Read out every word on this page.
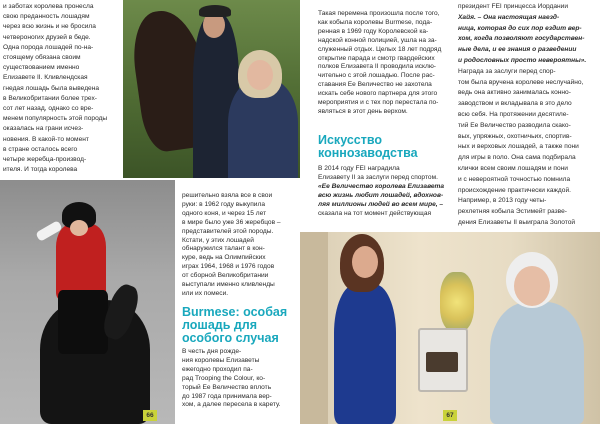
и заботах королева пронесла
свою преданность лошадям
через всю жизнь и не бросила
четвероногих друзей в беде.
Одна порода лошадей по-на-
стоящему обязана своим
существованием именно
Елизавете II. Кливлендская
гнедая лошадь была выведена
в Великобритании более трех-
сот лет назад, однако со вре-
менем популярность этой породы
оказалась на грани исчез-
новения. В какой-то момент
в стране осталось всего
четыре жеребца-производ-
ителя. И тогда королева
решительно взяла все в свои
руки: в 1962 году выкупила
одного коня, и через 15 лет
в мире было уже 36 жеребцов –
представителей этой породы.
Кстати, у этих лошадей
обнаружился талант в кон-
куре, ведь на Олимпийских
играх 1964, 1968 и 1976 годов
от сборной Великобритании
выступали именно кливленды
или их помеси.
Burmese: особая
лошадь для
особого случая
В честь дня рожде-
ния королевы Елизаветы
ежегодно проходил па-
рад Trooping the Colour, ко-
торый Ее Величество вплоть
до 1987 года принимала вер-
хом, а далее пересела в карету.
66
Такая перемена произошла после того,
как кобыла королевы Burmese, пода-
ренная в 1969 году Королевской ка-
надской конной полицией, ушла на за-
служенный отдых. Целых 18 лет подряд
открытие парада и смотр гвардейских
полков Елизавета II проводила исклю-
чительно с этой лошадью. После рас-
ставания Ее Величество не захотела
искать себе нового партнера для этого
мероприятия и с тех пор перестала по-
являться в этот день верхом.
Искусство
коннозаводства
В 2014 году FEI наградила
Елизавету II за заслуги перед спортом.
«Ее Величество королева Елизавета
всю жизнь любит лошадей, вдохнов-
ляя миллионы людей во всем мире, –
сказала на тот момент действующая
президент FEI принцесса Иордании
Хайя. – Она настоящая наезд-
ница, которая до сих пор ездит вер-
хом, когда позволяют государствен-
ные дела, и ее знания о разведении
и родословных просто невероятны».
Награда за заслуги перед спор-
том была вручена королеве неслучайно,
ведь она активно занималась конно-
заводством и вкладывала в это дело
всю себя. На протяжении десятиле-
тий Ее Величество разводила скако-
вых, упряжных, охотничьих, спортив-
ных и верховых лошадей, а также пони
для игры в поло. Она сама подбирала
клички всем своим лошадям и пони
и с невероятной точностью помнила
происхождение практически каждой.
Например, в 2013 году четы-
рехлетняя кобыла Эстимейт разве-
дения Елизаветы II выиграла Золотой
67
